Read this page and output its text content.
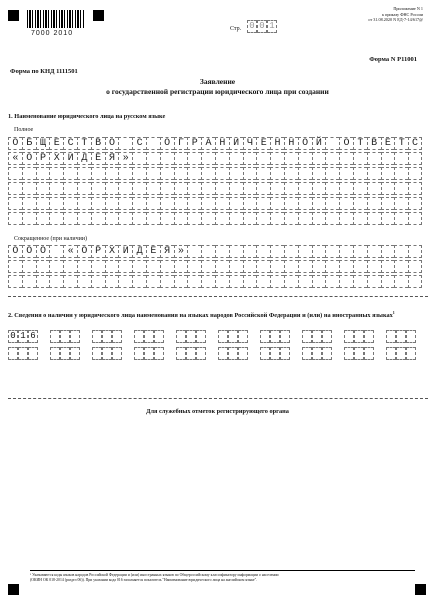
7000 2010
Стр. 0 0 1
Приложение N 1
к приказу ФНС России
от 31.08.2020 N ЕД-7-14/617@
Форма N Р11001
Форма по КНД 1111501
Заявление
о государственной регистрации юридического лица при создании
1. Наименование юридического лица на русском языке
Полное
О Б Щ Е С Т В О	С	О Г Р А Н И Ч Е Н Н О Й	О Т В Е Т С
« О Р Х И Д Е Я »
Сокращенное (при наличии)
О О О	« О Р Х И Д Е Я »
2. Сведения о наличии у юридического лица наименования на языках народов Российской Федерации и (или) на иностранных языках$^1$
0 1 6
Для служебных отметок регистрирующего органа
¹ Указываются коды языков народов Российской Федерации и (или) иностранных языков по Общероссийскому классификатору информации о населении
(ОКИН ОК 018-2014 (раздел 06)). При указании кода 016 заполняется показатель "Наименование юридического лица на английском языке".
